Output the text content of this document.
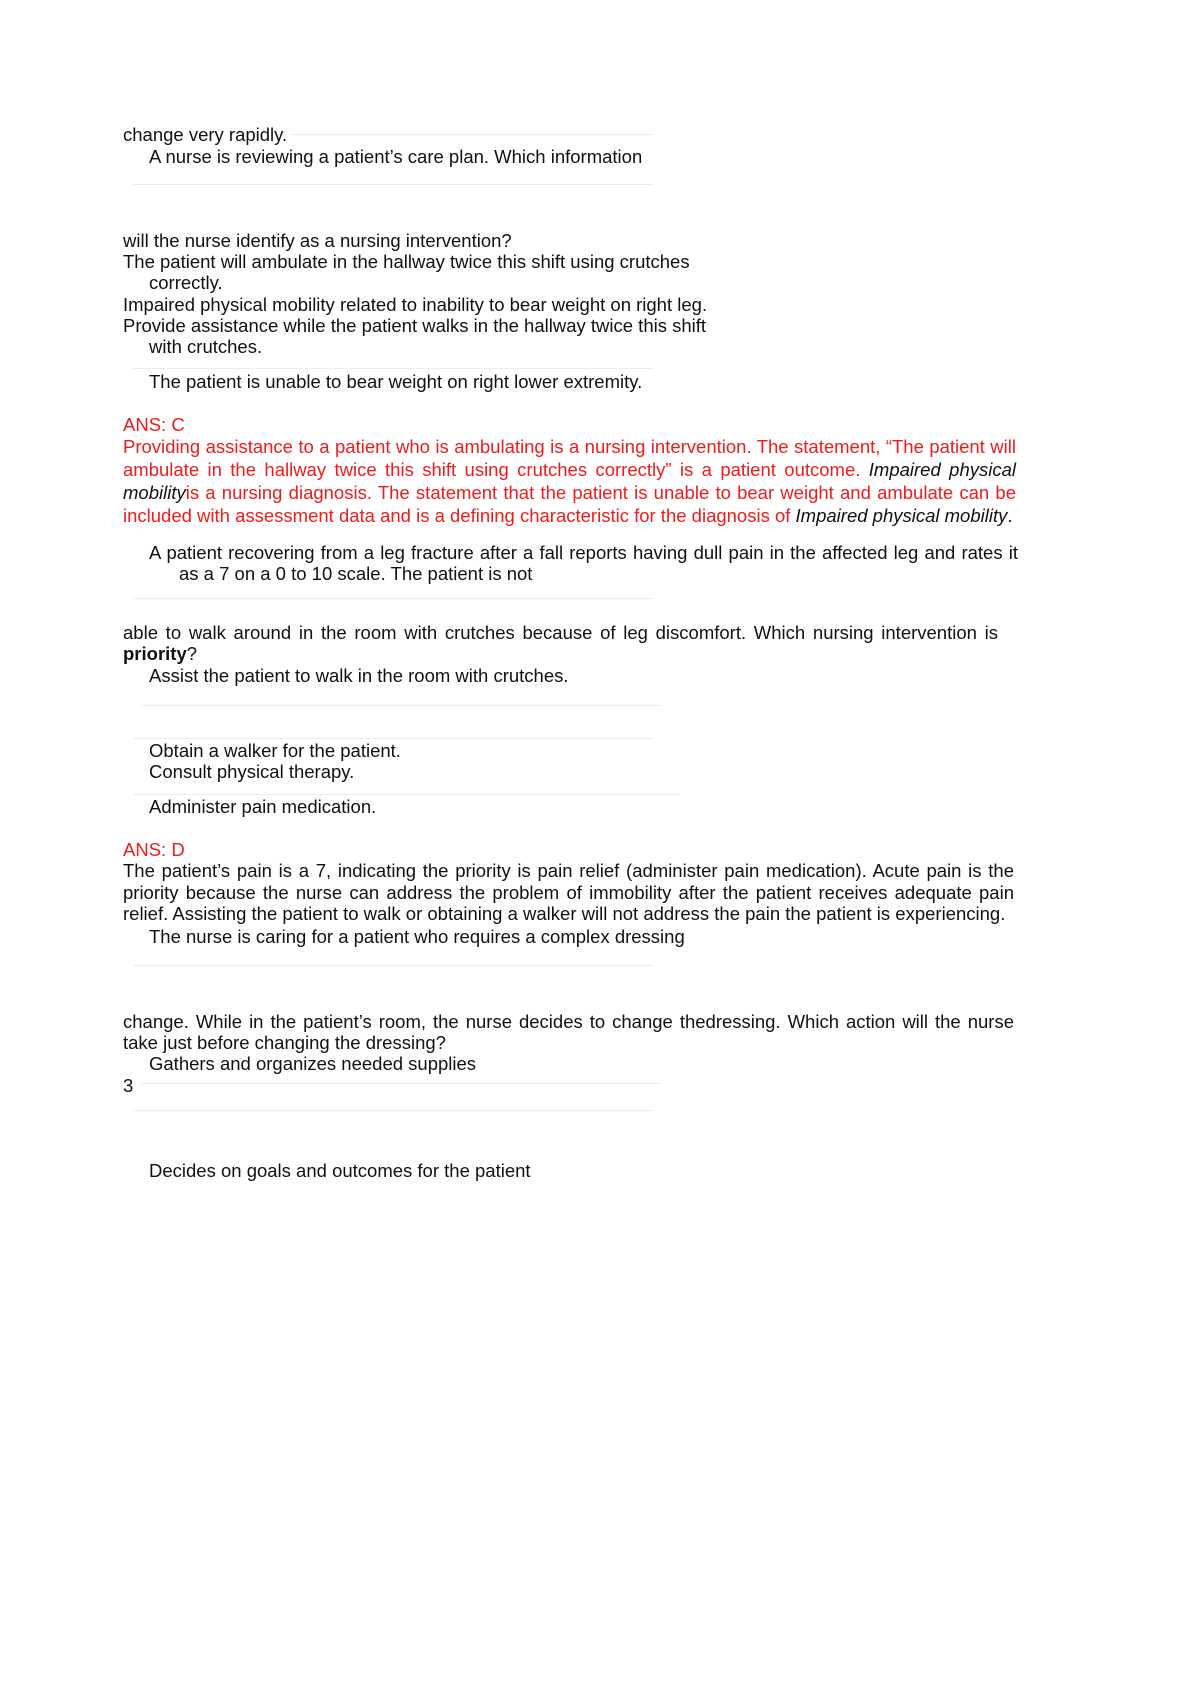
change very rapidly.

A nurse is reviewing a patient’s care plan. Which information

will the nurse identify as a nursing intervention?

The patient will ambulate in the hallway twice this shift using crutches

correctly.

Impaired physical mobility related to inability to bear weight on right leg.

Provide assistance while the patient walks in the hallway twice this shift

with crutches.

The patient is unable to bear weight on right lower extremity.

ANS: C

Providing assistance to a patient who is ambulating is a nursing intervention. The statement, “The patient will ambulate in the hallway twice this shift using crutches correctly” is a patient outcome. Impaired physical mobilityis a nursing diagnosis. The statement that the patient is unable to bear weight and ambulate can be included with assessment data and is a defining characteristic for the diagnosis of Impaired physical mobility.

A patient recovering from a leg fracture after a fall reports having dull pain in the affected leg and rates it

as a 7 on a 0 to 10 scale. The patient is not

able to walk around in the room with crutches because of leg discomfort. Which nursing intervention is priority?

Assist the patient to walk in the room with crutches.

Obtain a walker for the patient.

Consult physical therapy.

Administer pain medication.

ANS: D

The patient’s pain is a 7, indicating the priority is pain relief (administer pain medication). Acute pain is the priority because the nurse can address the problem of immobility after the patient receives adequate pain relief. Assisting the patient to walk or obtaining a walker will not address the pain the patient is experiencing.

The nurse is caring for a patient who requires a complex dressing

change. While in the patient’s room, the nurse decides to change thedressing. Which action will the nurse take just before changing the dressing?

Gathers and organizes needed supplies

3

Decides on goals and outcomes for the patient
